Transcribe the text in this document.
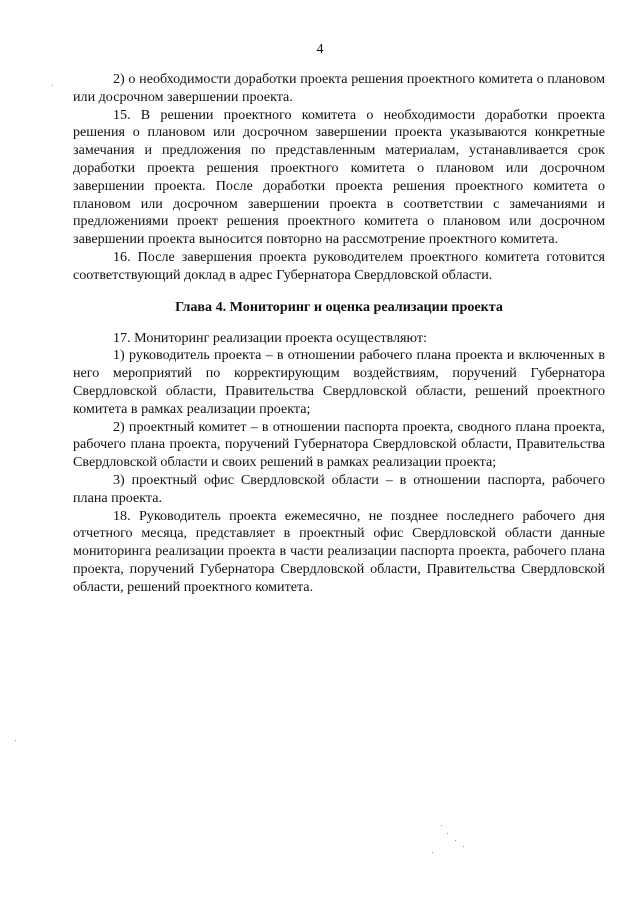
4

2) о необходимости доработки проекта решения проектного комитета о плановом или досрочном завершении проекта.

15. В решении проектного комитета о необходимости доработки проекта решения о плановом или досрочном завершении проекта указываются конкретные замечания и предложения по представленным материалам, устанавливается срок доработки проекта решения проектного комитета о плановом или досрочном завершении проекта. После доработки проекта решения проектного комитета о плановом или досрочном завершении проекта в соответствии с замечаниями и предложениями проект решения проектного комитета о плановом или досрочном завершении проекта выносится повторно на рассмотрение проектного комитета.

16. После завершения проекта руководителем проектного комитета готовится соответствующий доклад в адрес Губернатора Свердловской области.

Глава 4. Мониторинг и оценка реализации проекта

17. Мониторинг реализации проекта осуществляют:

1) руководитель проекта – в отношении рабочего плана проекта и включенных в него мероприятий по корректирующим воздействиям, поручений Губернатора Свердловской области, Правительства Свердловской области, решений проектного комитета в рамках реализации проекта;

2) проектный комитет – в отношении паспорта проекта, сводного плана проекта, рабочего плана проекта, поручений Губернатора Свердловской области, Правительства Свердловской области и своих решений в рамках реализации проекта;

3) проектный офис Свердловской области – в отношении паспорта, рабочего плана проекта.

18. Руководитель проекта ежемесячно, не позднее последнего рабочего дня отчетного месяца, представляет в проектный офис Свердловской области данные мониторинга реализации проекта в части реализации паспорта проекта, рабочего плана проекта, поручений Губернатора Свердловской области, Правительства Свердловской области, решений проектного комитета.
